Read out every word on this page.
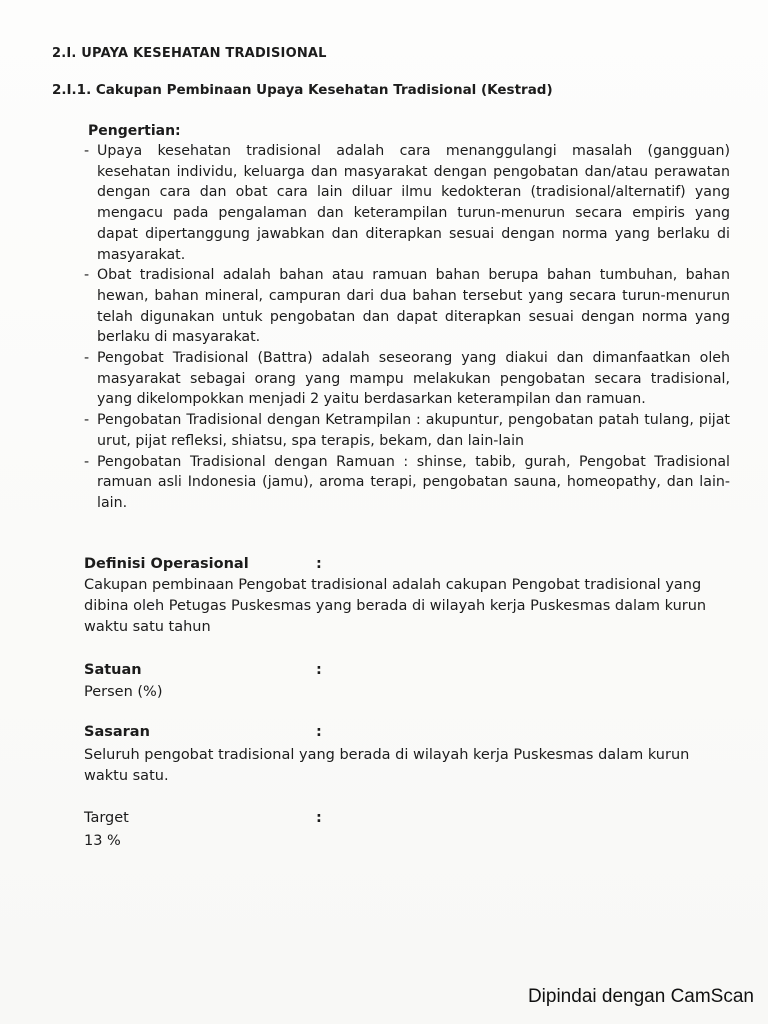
2.I. UPAYA KESEHATAN TRADISIONAL
2.I.1. Cakupan Pembinaan Upaya Kesehatan Tradisional (Kestrad)
Pengertian:
- Upaya kesehatan tradisional adalah cara menanggulangi masalah (gangguan) kesehatan individu, keluarga dan masyarakat dengan pengobatan dan/atau perawatan dengan cara dan obat cara lain diluar ilmu kedokteran (tradisional/alternatif) yang mengacu pada pengalaman dan keterampilan turun-menurun secara empiris yang dapat dipertanggung jawabkan dan diterapkan sesuai dengan norma yang berlaku di masyarakat.
- Obat tradisional adalah bahan atau ramuan bahan berupa bahan tumbuhan, bahan hewan, bahan mineral, campuran dari dua bahan tersebut yang secara turun-menurun telah digunakan untuk pengobatan dan dapat diterapkan sesuai dengan norma yang berlaku di masyarakat.
- Pengobat Tradisional (Battra) adalah seseorang yang diakui dan dimanfaatkan oleh masyarakat sebagai orang yang mampu melakukan pengobatan secara tradisional, yang dikelompokkan menjadi 2 yaitu berdasarkan keterampilan dan ramuan.
- Pengobatan Tradisional dengan Ketrampilan : akupuntur, pengobatan patah tulang, pijat urut, pijat refleksi, shiatsu, spa terapis, bekam, dan lain-lain
- Pengobatan Tradisional dengan Ramuan : shinse, tabib, gurah, Pengobat Tradisional ramuan asli Indonesia (jamu), aroma terapi, pengobatan sauna, homeopathy, dan lain-lain.
Definisi Operasional	:
Cakupan pembinaan Pengobat tradisional adalah cakupan Pengobat tradisional yang dibina oleh Petugas Puskesmas yang berada di wilayah kerja Puskesmas dalam kurun waktu satu tahun
Satuan	:
Persen (%)
Sasaran	:
Seluruh pengobat tradisional yang berada di wilayah kerja Puskesmas dalam kurun waktu satu.
Target	:
13 %
Dipindai dengan CamScan
